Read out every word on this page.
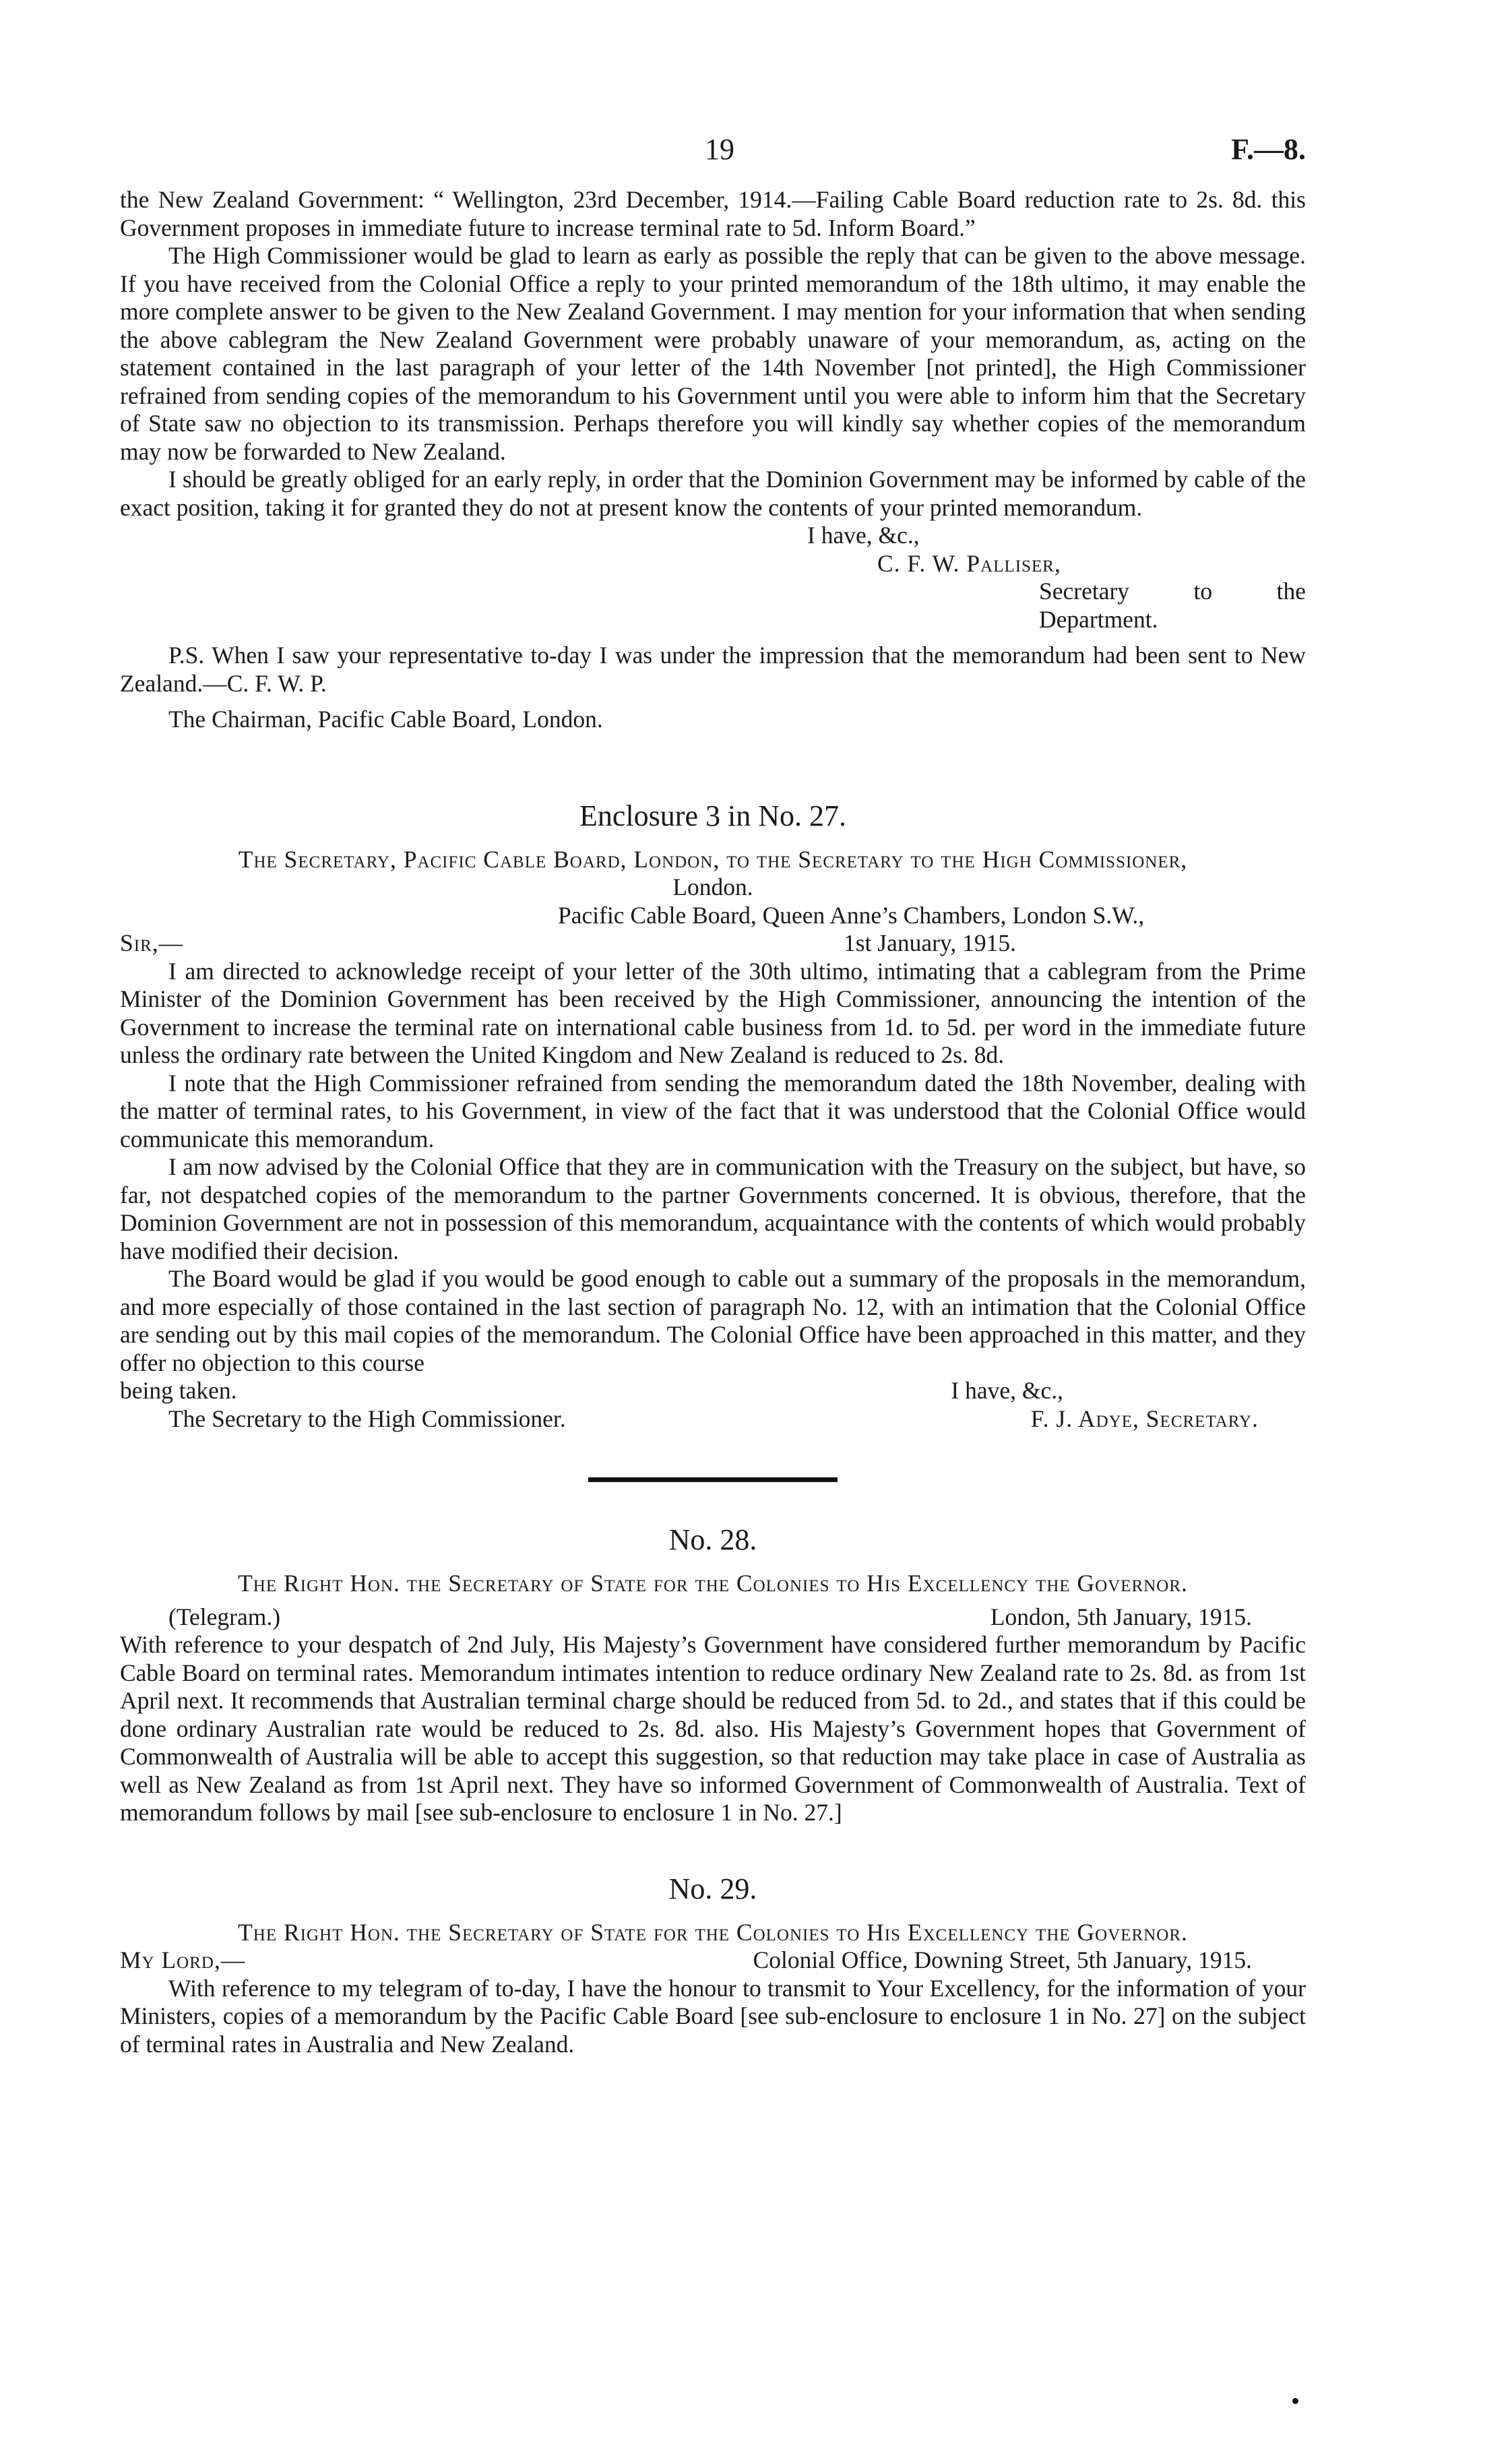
19	F.—8.

the New Zealand Government: “ Wellington, 23rd December, 1914.—Failing Cable Board reduction rate to 2s. 8d. this Government proposes in immediate future to increase terminal rate to 5d. Inform Board.”

The High Commissioner would be glad to learn as early as possible the reply that can be given to the above message. If you have received from the Colonial Office a reply to your printed memorandum of the 18th ultimo, it may enable the more complete answer to be given to the New Zealand Government. I may mention for your information that when sending the above cablegram the New Zealand Government were probably unaware of your memorandum, as, acting on the statement contained in the last paragraph of your letter of the 14th November [not printed], the High Commissioner refrained from sending copies of the memorandum to his Government until you were able to inform him that the Secretary of State saw no objection to its transmission. Perhaps therefore you will kindly say whether copies of the memorandum may now be forwarded to New Zealand.

I should be greatly obliged for an early reply, in order that the Dominion Government may be informed by cable of the exact position, taking it for granted they do not at present know the contents of your printed memorandum.

I have, &c.,

C. F. W. Palliser,

Secretary to the Department.

P.S. When I saw your representative to-day I was under the impression that the memorandum had been sent to New Zealand.—C. F. W. P.

The Chairman, Pacific Cable Board, London.

Enclosure 3 in No. 27.

The Secretary, Pacific Cable Board, London, to the Secretary to the High Commissioner,

London.

Pacific Cable Board, Queen Anne’s Chambers, London S.W.,

Sir,—	1st January, 1915.

I am directed to acknowledge receipt of your letter of the 30th ultimo, intimating that a cablegram from the Prime Minister of the Dominion Government has been received by the High Commissioner, announcing the intention of the Government to increase the terminal rate on international cable business from 1d. to 5d. per word in the immediate future unless the ordinary rate between the United Kingdom and New Zealand is reduced to 2s. 8d.

I note that the High Commissioner refrained from sending the memorandum dated the 18th November, dealing with the matter of terminal rates, to his Government, in view of the fact that it was understood that the Colonial Office would communicate this memorandum.

I am now advised by the Colonial Office that they are in communication with the Treasury on the subject, but have, so far, not despatched copies of the memorandum to the partner Governments concerned. It is obvious, therefore, that the Dominion Government are not in possession of this memorandum, acquaintance with the contents of which would probably have modified their decision.

The Board would be glad if you would be good enough to cable out a summary of the proposals in the memorandum, and more especially of those contained in the last section of paragraph No. 12, with an intimation that the Colonial Office are sending out by this mail copies of the memorandum. The Colonial Office have been approached in this matter, and they offer no objection to this course

being taken.	I have, &c.,
The Secretary to the High Commissioner.	F. J. Adye, Secretary.
No. 28.

The Right Hon. the Secretary of State for the Colonies to His Excellency the Governor.

(Telegram.)	London, 5th January, 1915.

With reference to your despatch of 2nd July, His Majesty’s Government have considered further memorandum by Pacific Cable Board on terminal rates. Memorandum intimates intention to reduce ordinary New Zealand rate to 2s. 8d. as from 1st April next. It recommends that Australian terminal charge should be reduced from 5d. to 2d., and states that if this could be done ordinary Australian rate would be reduced to 2s. 8d. also. His Majesty’s Government hopes that Government of Commonwealth of Australia will be able to accept this suggestion, so that reduction may take place in case of Australia as well as New Zealand as from 1st April next. They have so informed Government of Commonwealth of Australia. Text of memorandum follows by mail [see sub-enclosure to enclosure 1 in No. 27.]

No. 29.

The Right Hon. the Secretary of State for the Colonies to His Excellency the Governor.

My Lord,—	Colonial Office, Downing Street, 5th January, 1915.

With reference to my telegram of to-day, I have the honour to transmit to Your Excellency, for the information of your Ministers, copies of a memorandum by the Pacific Cable Board [see sub-enclosure to enclosure 1 in No. 27] on the subject of terminal rates in Australia and New Zealand.
